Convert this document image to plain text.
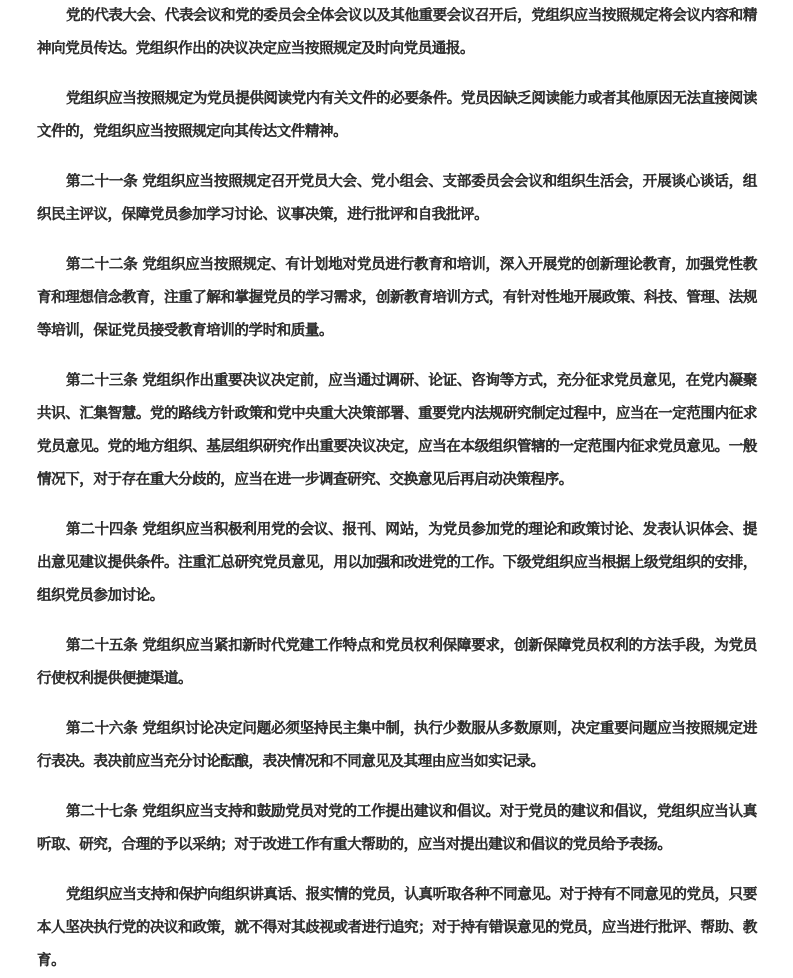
党的代表大会、代表会议和党的委员会全体会议以及其他重要会议召开后，党组织应当按照规定将会议内容和精神向党员传达。党组织作出的决议决定应当按照规定及时向党员通报。

党组织应当按照规定为党员提供阅读党内有关文件的必要条件。党员因缺乏阅读能力或者其他原因无法直接阅读文件的，党组织应当按照规定向其传达文件精神。

第二十一条 党组织应当按照规定召开党员大会、党小组会、支部委员会会议和组织生活会，开展谈心谈话，组织民主评议，保障党员参加学习讨论、议事决策，进行批评和自我批评。

第二十二条 党组织应当按照规定、有计划地对党员进行教育和培训，深入开展党的创新理论教育，加强党性教育和理想信念教育，注重了解和掌握党员的学习需求，创新教育培训方式，有针对性地开展政策、科技、管理、法规等培训，保证党员接受教育培训的学时和质量。

第二十三条 党组织作出重要决议决定前，应当通过调研、论证、咨询等方式，充分征求党员意见，在党内凝聚共识、汇集智慧。党的路线方针政策和党中央重大决策部署、重要党内法规研究制定过程中，应当在一定范围内征求党员意见。党的地方组织、基层组织研究作出重要决议决定，应当在本级组织管辖的一定范围内征求党员意见。一般情况下，对于存在重大分歧的，应当在进一步调查研究、交换意见后再启动决策程序。

第二十四条 党组织应当积极利用党的会议、报刊、网站，为党员参加党的理论和政策讨论、发表认识体会、提出意见建议提供条件。注重汇总研究党员意见，用以加强和改进党的工作。下级党组织应当根据上级党组织的安排，组织党员参加讨论。

第二十五条 党组织应当紧扣新时代党建工作特点和党员权利保障要求，创新保障党员权利的方法手段，为党员行使权利提供便捷渠道。

第二十六条 党组织讨论决定问题必须坚持民主集中制，执行少数服从多数原则，决定重要问题应当按照规定进行表决。表决前应当充分讨论酝酿，表决情况和不同意见及其理由应当如实记录。

第二十七条 党组织应当支持和鼓励党员对党的工作提出建议和倡议。对于党员的建议和倡议，党组织应当认真听取、研究，合理的予以采纳；对于改进工作有重大帮助的，应当对提出建议和倡议的党员给予表扬。

党组织应当支持和保护向组织讲真话、报实情的党员，认真听取各种不同意见。对于持有不同意见的党员，只要本人坚决执行党的决议和政策，就不得对其歧视或者进行追究；对于持有错误意见的党员，应当进行批评、帮助、教育。
